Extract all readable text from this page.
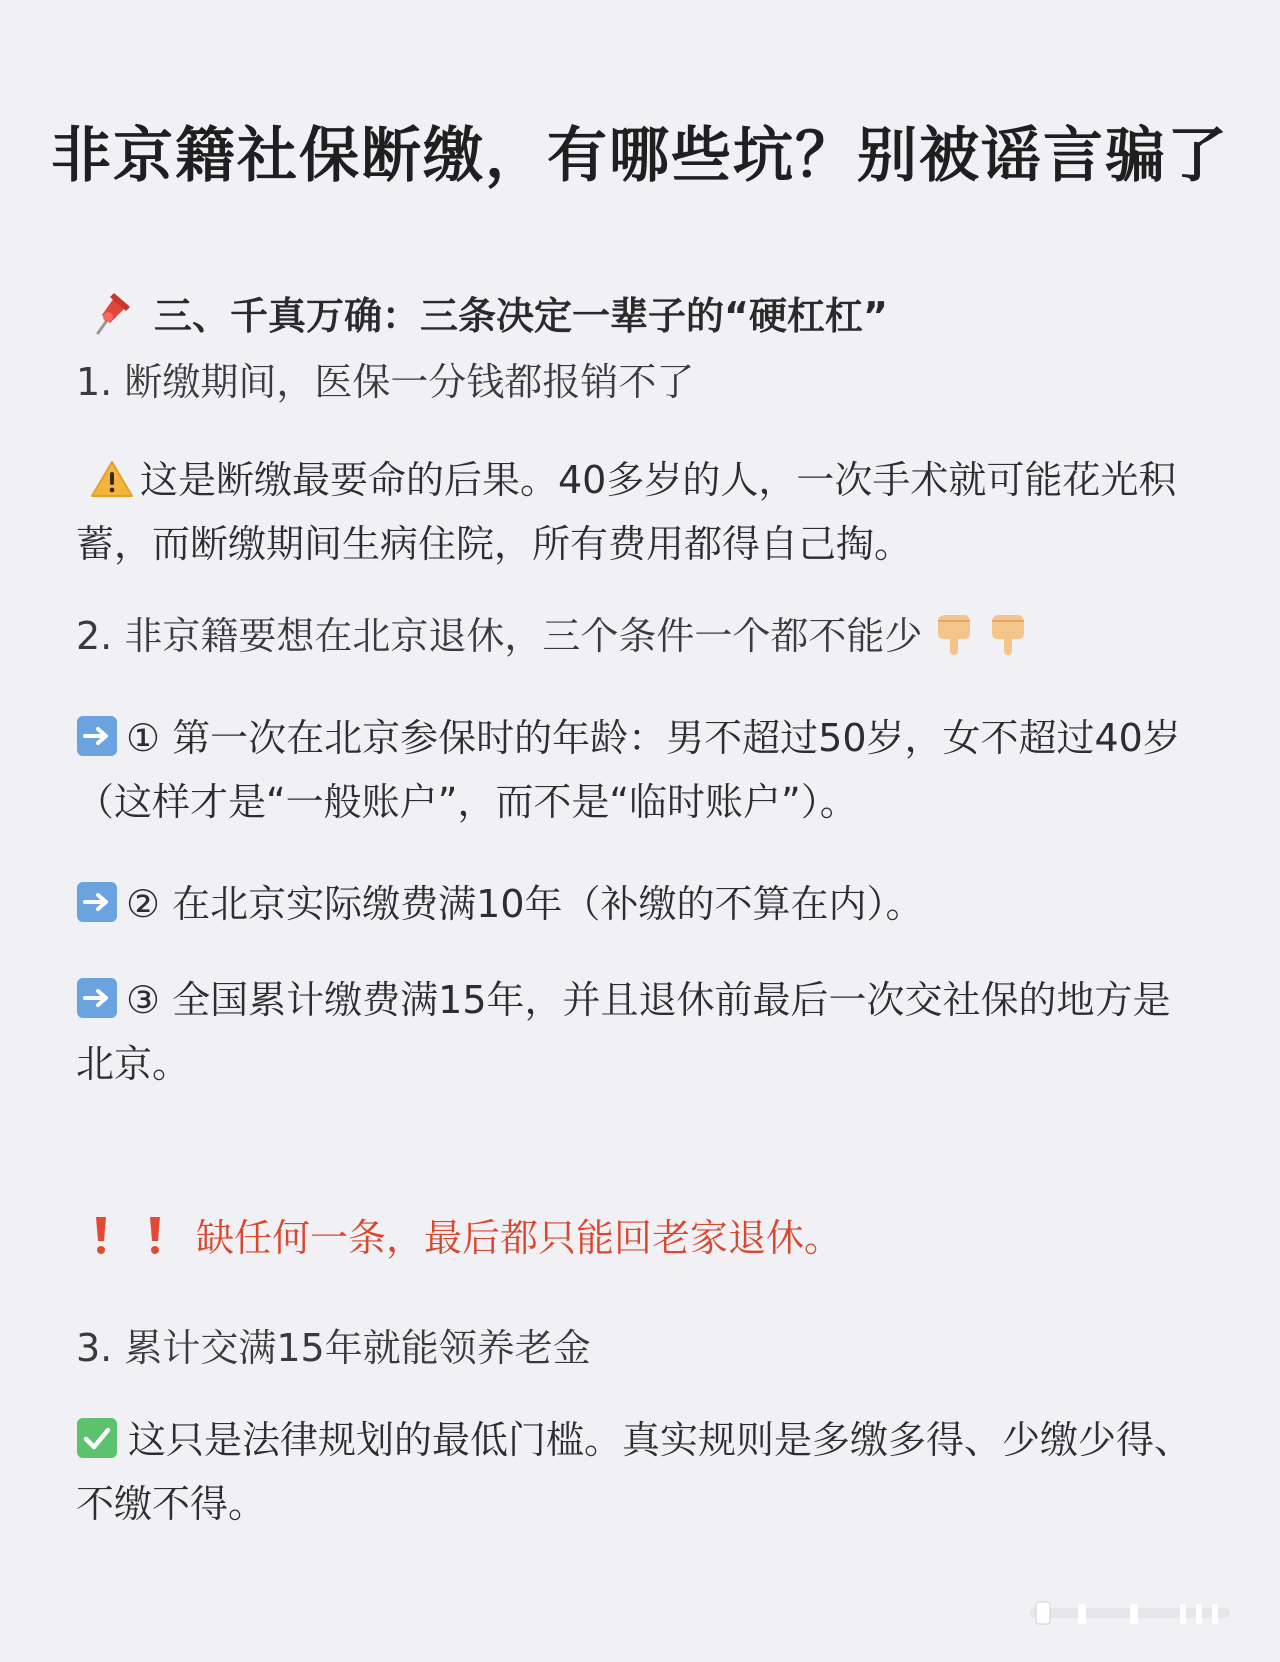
非京籍社保断缴，有哪些坑？别被谣言骗了
三、千真万确：三条决定一辈子的“硬杠杠”
1. 断缴期间，医保一分钱都报销不了
这是断缴最要命的后果。40多岁的人，一次手术就可能花光积蓄，而断缴期间生病住院，所有费用都得自己掏。
2. 非京籍要想在北京退休，三个条件一个都不能少
① 第一次在北京参保时的年龄：男不超过50岁，女不超过40岁（这样才是“一般账户”，而不是“临时账户”）。
② 在北京实际缴费满10年（补缴的不算在内）。
③ 全国累计缴费满15年，并且退休前最后一次交社保的地方是北京。
缺任何一条，最后都只能回老家退休。
3. 累计交满15年就能领养老金
这只是法律规划的最低门槛。真实规则是多缴多得、少缴少得、不缴不得。
